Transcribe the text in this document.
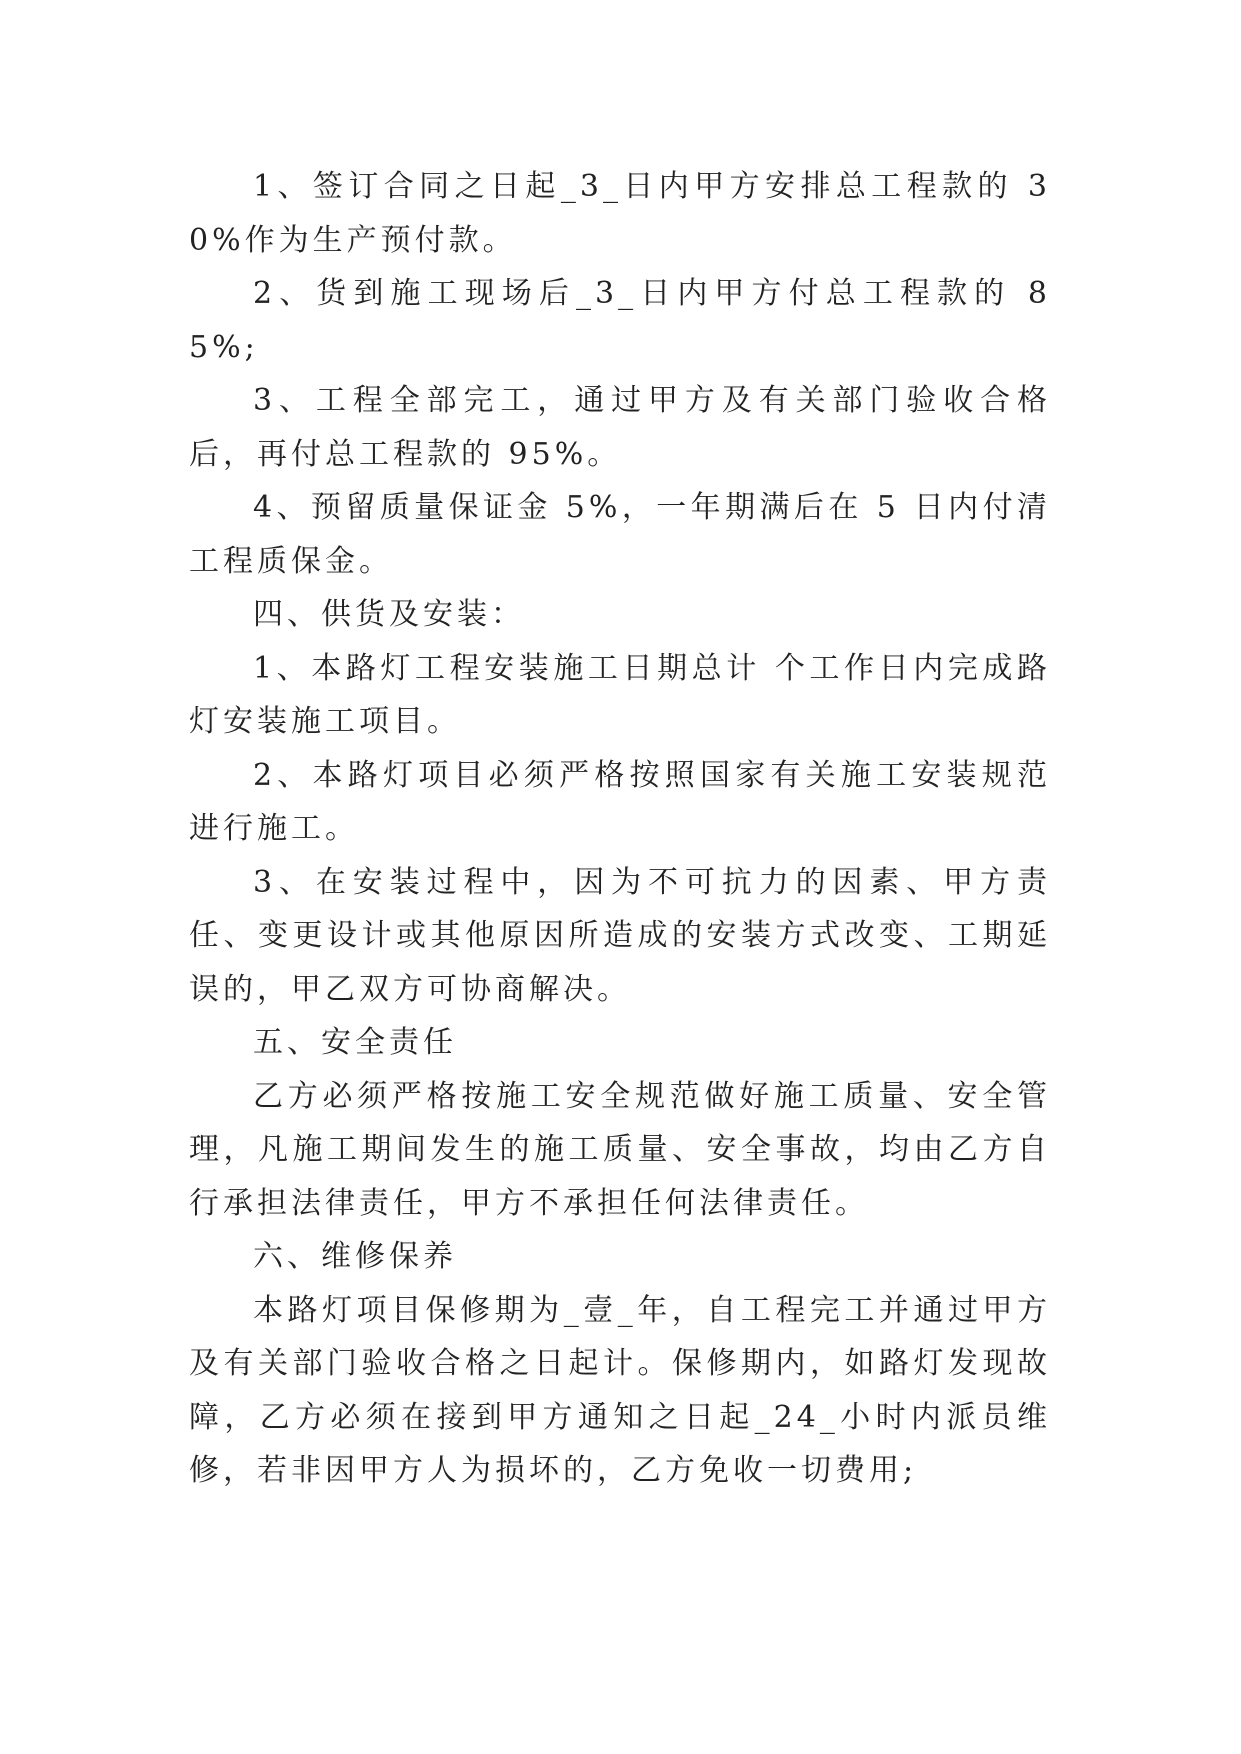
1、签订合同之日起_3_日内甲方安排总工程款的 30%作为生产预付款。

2、货到施工现场后_3_日内甲方付总工程款的 85%;

3、工程全部完工，通过甲方及有关部门验收合格后，再付总工程款的 95%。

4、预留质量保证金 5%，一年期满后在 5 日内付清工程质保金。

四、供货及安装：

1、本路灯工程安装施工日期总计 个工作日内完成路灯安装施工项目。

2、本路灯项目必须严格按照国家有关施工安装规范进行施工。

3、在安装过程中，因为不可抗力的因素、甲方责任、变更设计或其他原因所造成的安装方式改变、工期延误的，甲乙双方可协商解决。

五、安全责任

乙方必须严格按施工安全规范做好施工质量、安全管理，凡施工期间发生的施工质量、安全事故，均由乙方自行承担法律责任，甲方不承担任何法律责任。

六、维修保养

本路灯项目保修期为_壹_年，自工程完工并通过甲方及有关部门验收合格之日起计。保修期内，如路灯发现故障，乙方必须在接到甲方通知之日起_24_小时内派员维修，若非因甲方人为损坏的，乙方免收一切费用;
